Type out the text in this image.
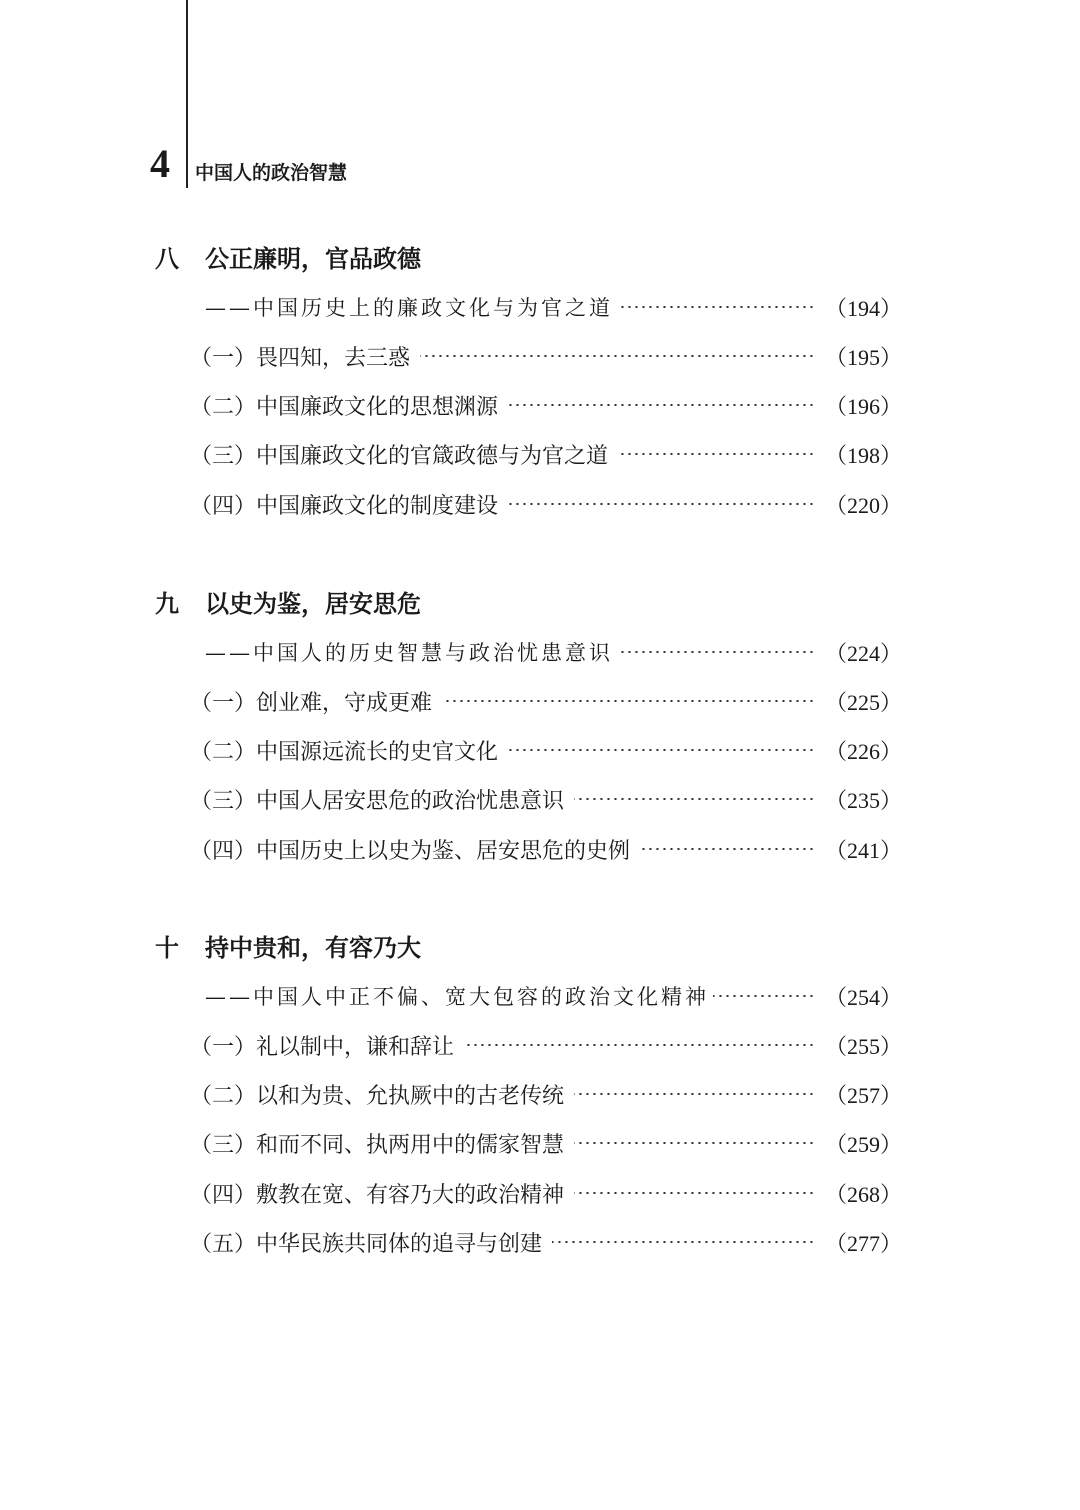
4 中国人的政治智慧
八 公正廉明，官品政德
——中国历史上的廉政文化与为官之道	（194）
（一）畏四知，去三惑	（195）
（二）中国廉政文化的思想渊源	（196）
（三）中国廉政文化的官箴政德与为官之道	（198）
（四）中国廉政文化的制度建设	（220）
九 以史为鉴，居安思危
——中国人的历史智慧与政治忧患意识	（224）
（一）创业难，守成更难	（225）
（二）中国源远流长的史官文化	（226）
（三）中国人居安思危的政治忧患意识	（235）
（四）中国历史上以史为鉴、居安思危的史例	（241）
十 持中贵和，有容乃大
——中国人中正不偏、宽大包容的政治文化精神	（254）
（一）礼以制中，谦和辞让	（255）
（二）以和为贵、允执厥中的古老传统	（257）
（三）和而不同、执两用中的儒家智慧	（259）
（四）敷教在宽、有容乃大的政治精神	（268）
（五）中华民族共同体的追寻与创建	（277）
